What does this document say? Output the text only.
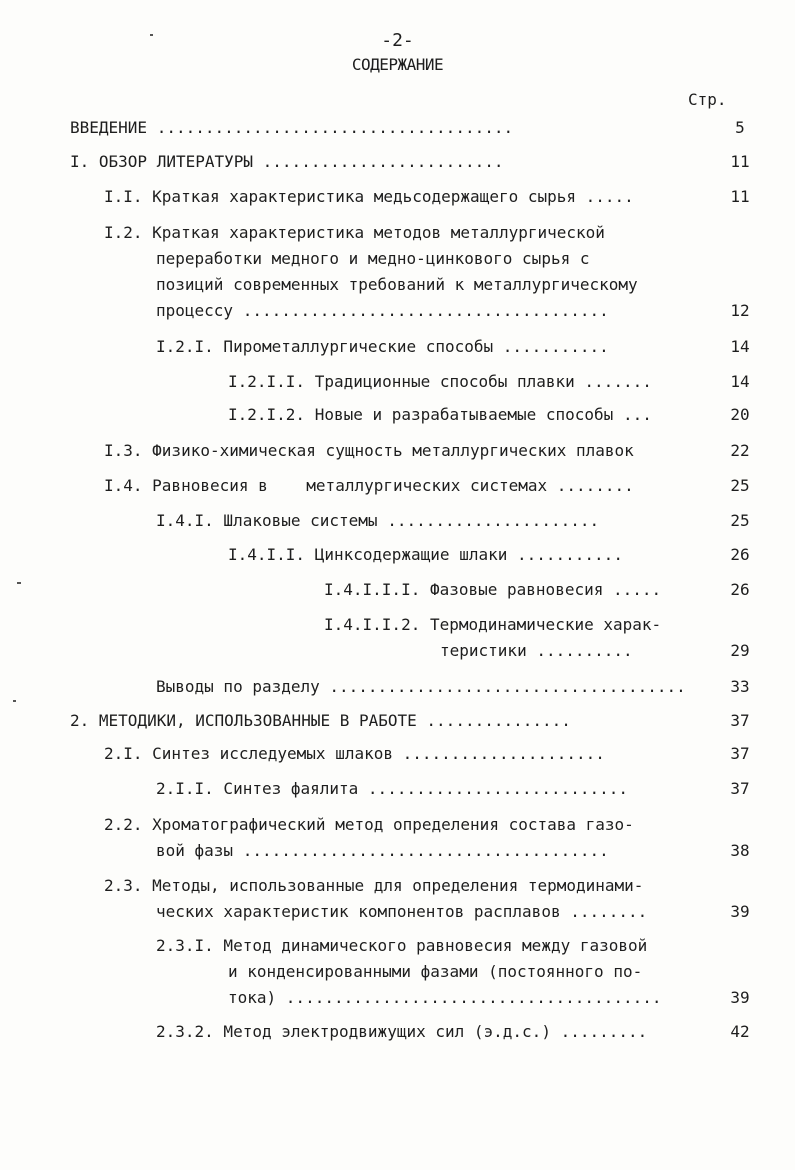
-2-
СОДЕРЖАНИЕ
Стр.
ВВЕДЕНИЕ .....................................	5
I. ОБЗОР ЛИТЕРАТУРЫ .........................	11
I.I. Краткая характеристика медьсодержащего сырья .....	11
I.2. Краткая характеристика методов металлургической
переработки медного и медно-цинкового сырья с
позиций современных требований к металлургическому
процессу ......................................	12
I.2.I. Пирометаллургические способы ...........	14
I.2.I.I. Традиционные способы плавки .......	14
I.2.I.2. Новые и разрабатываемые способы ...	20
I.3. Физико-химическая сущность металлургических плавок	22
I.4. Равновесия в    металлургических системах ........	25
I.4.I. Шлаковые системы ......................	25
I.4.I.I. Цинксодержащие шлаки ...........	26
I.4.I.I.I. Фазовые равновесия .....	26
I.4.I.I.2. Термодинамические харак-
теристики ..........	29
Выводы по разделу .....................................	33
2. МЕТОДИКИ, ИСПОЛЬЗОВАННЫЕ В РАБОТЕ ...............	37
2.I. Синтез исследуемых шлаков .....................	37
2.I.I. Синтез фаялита ...........................	37
2.2. Хроматографический метод определения состава газо-
вой фазы ......................................	38
2.3. Методы, использованные для определения термодинами-
ческих характеристик компонентов расплавов ........	39
2.3.I. Метод динамического равновесия между газовой
и конденсированными фазами (постоянного по-
тока) .......................................	39
2.3.2. Метод электродвижущих сил (э.д.с.) .........	42
